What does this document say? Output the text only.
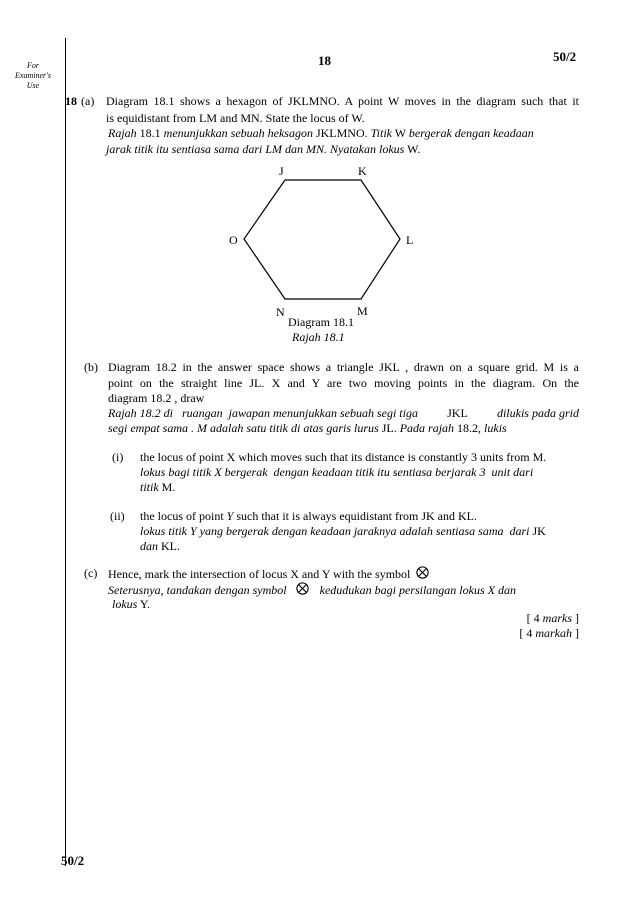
For
Examiner's
Use
18	50/2
18 (a) Diagram 18.1 shows a hexagon of JKLMNO. A point W moves in the diagram such that it
is equidistant from LM and MN. State the locus of W.
Rajah 18.1 menunjukkan sebuah heksagon JKLMNO. Titik W bergerak dengan keadaan
jarak titik itu sentiasa sama dari LM dan MN. Nyatakan lokus W.
J	K
L
M
N
O
Diagram 18.1
Rajah 18.1
(b) Diagram 18.2 in the answer space shows a triangle JKL , drawn on a square grid. M is a
point on the straight line JL. X and Y are two moving points in the diagram. On the
diagram 18.2 , draw
Rajah 18.2 di   ruangan  jawapan menunjukkan sebuah segi tiga JKL dilukis pada grid
segi empat sama . M adalah satu titik di atas garis lurus JL. Pada rajah 18.2, lukis
(i) the locus of point X which moves such that its distance is constantly 3 units from M.
lokus bagi titik X bergerak  dengan keadaan titik itu sentiasa berjarak 3  unit dari
titik M.
(ii) the locus of point Y such that it is always equidistant from JK and KL.
lokus titik Y yang bergerak dengan keadaan jaraknya adalah sentiasa sama  dari JK
dan KL.
(c) Hence, mark the intersection of locus X and Y with the symbol
Seterusnya, tandakan dengan symbol	kedudukan bagi persilangan lokus X dan
lokus Y.
[ 4 marks ]
[ 4 markah ]
50/2
